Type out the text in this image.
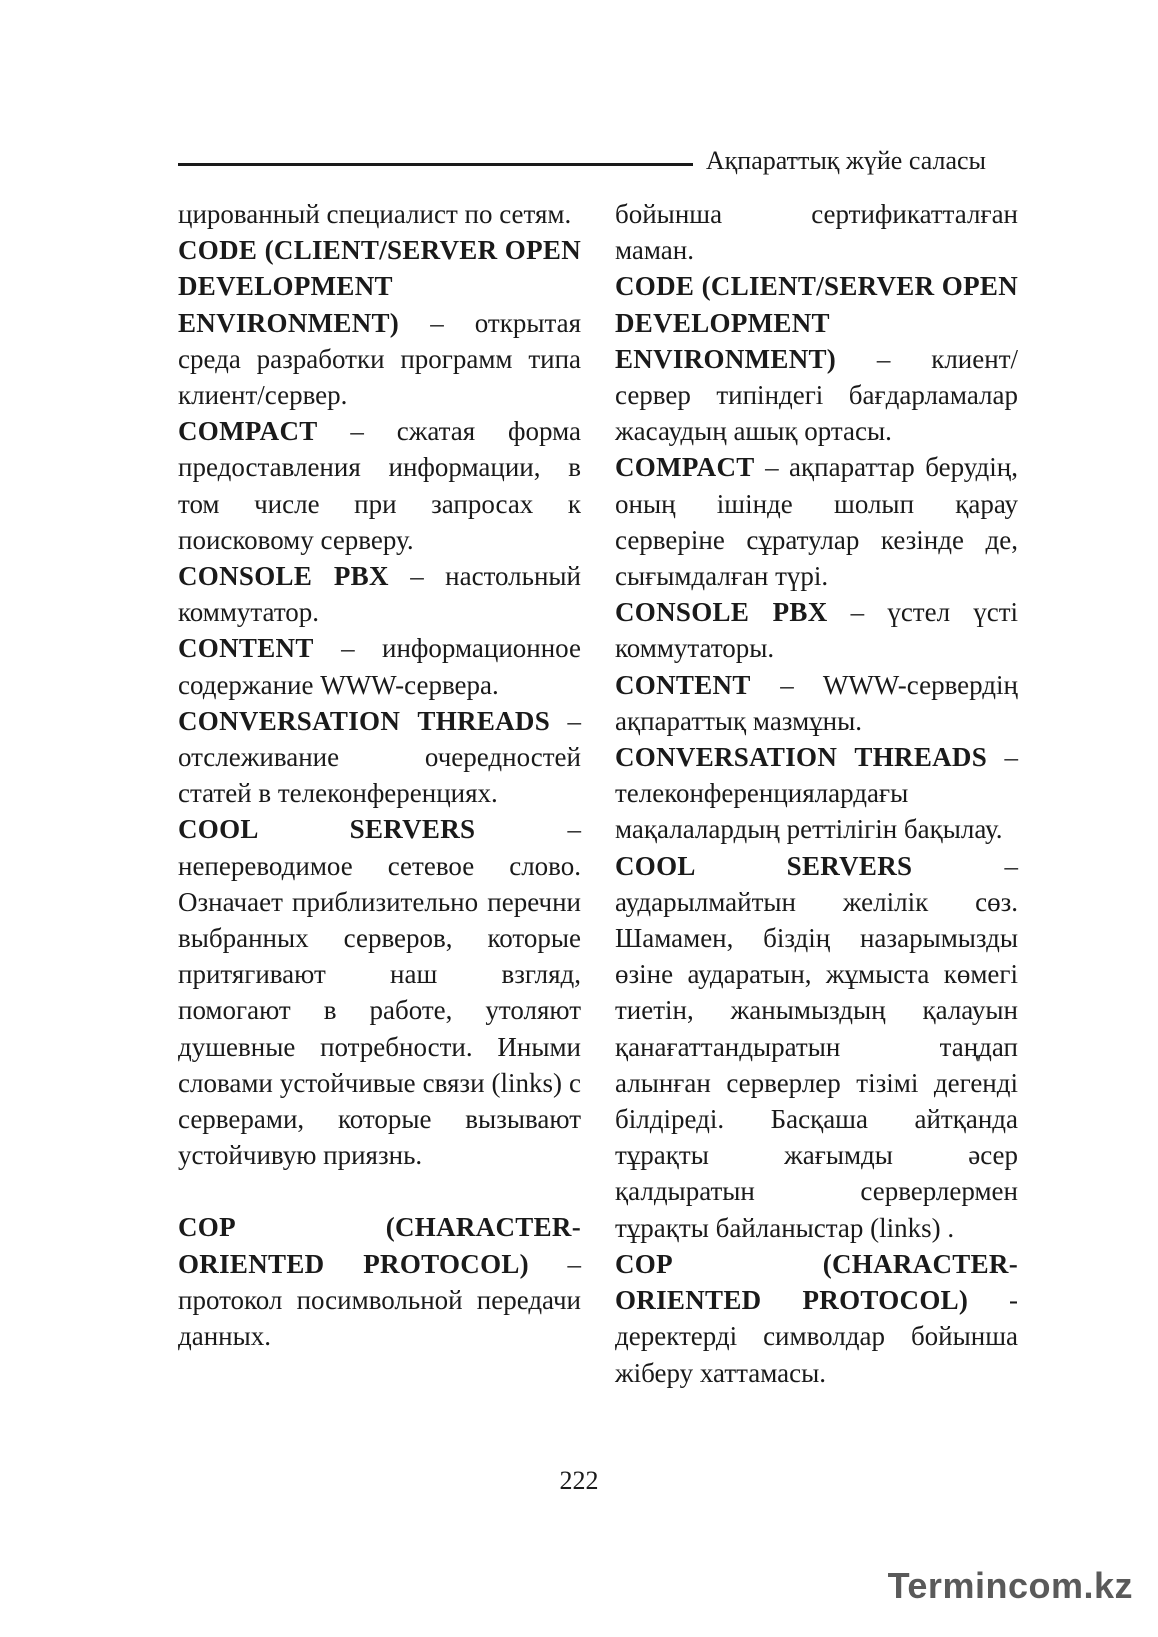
Ақпараттық жүйе саласы

цированный специалист по сетям.

CODE (CLIENT/SERVER OPEN DEVELOPMENT ENVIRONMENT) – открытая среда разработки программ типа клиент/сервер.

COMPACT – сжатая форма предоставления информации, в том числе при запросах к поисковому серверу.

CONSOLE PBX – настольный коммутатор.

CONTENT – информационное содержание WWW-сервера.

CONVERSATION THREADS – отслеживание очередностей статей в телеконференциях.

COOL SERVERS – непереводимое сетевое слово. Означает приблизительно перечни выбранных серверов, которые притягивают наш взгляд, помогают в работе, утоляют душевные потребности. Иными словами устойчивые связи (links) с серверами, которые вызывают устойчивую приязнь.

COP (CHARACTER-ORIENTED PROTOCOL) – протокол посимвольной передачи данных.

бойынша сертификатталған маман.

CODE (CLIENT/SERVER OPEN DEVELOPMENT ENVIRONMENT) – клиент/сервер типіндегі бағдарламалар жасаудың ашық ортасы.

COMPACT – ақпараттар берудің, оның ішінде шолып қарау серверіне сұратулар кезінде де, сығымдалған түрі.

CONSOLE PBX – үстел үсті коммутаторы.

CONTENT – WWW-сервердің ақпараттық мазмұны.

CONVERSATION THREADS – телеконференциялардағы мақалалардың реттілігін бақылау.

COOL SERVERS – аударылмайтын желілік сөз. Шамамен, біздің назарымызды өзіне аударатын, жұмыста көмегі тиетін, жанымыздың қалауын қанағаттандыратын таңдап алынған серверлер тізімі дегенді білдіреді. Басқаша айтқанда тұрақты жағымды әсер қалдыратын серверлермен тұрақты байланыстар (links) .

COP (CHARACTER-ORIENTED PROTOCOL) - деректерді символдар бойынша жіберу хаттамасы.

222
Termincom.kz
